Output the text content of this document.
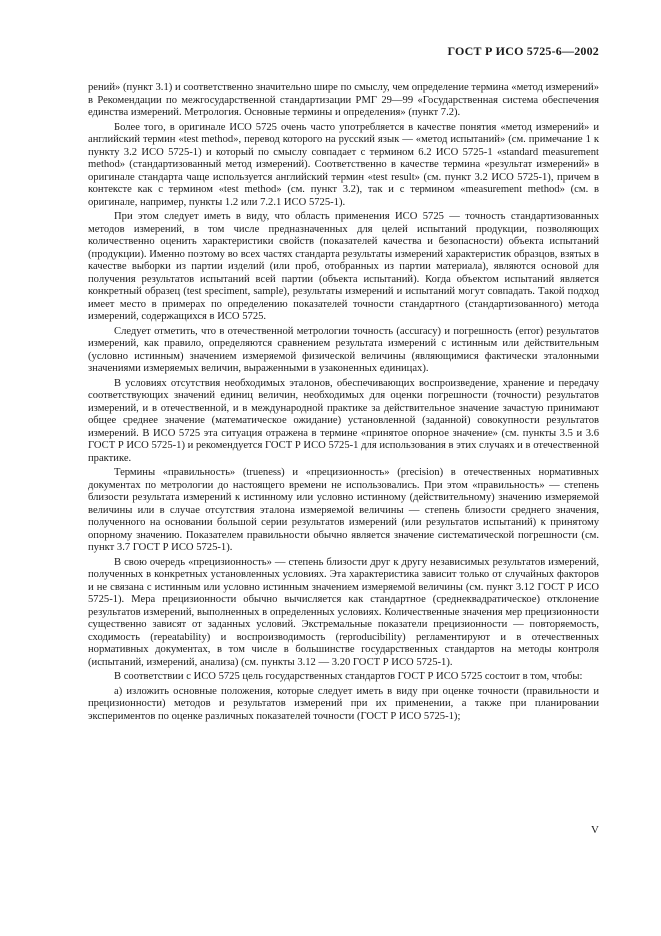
ГОСТ Р ИСО 5725-6—2002

рений» (пункт 3.1) и соответственно значительно шире по смыслу, чем определение термина «метод измерений» в Рекомендации по межгосударственной стандартизации РМГ 29—99 «Государственная система обеспечения единства измерений. Метрология. Основные термины и определения» (пункт 7.2).

Более того, в оригинале ИСО 5725 очень часто употребляется в качестве понятия «метод измерений» и английский термин «test method», перевод которого на русский язык — «метод испытаний» (см. примечание 1 к пункту 3.2 ИСО 5725-1) и который по смыслу совпадает с термином 6.2 ИСО 5725-1 «standard measurement method» (стандартизованный метод измерений). Соответственно в качестве термина «результат измерений» в оригинале стандарта чаще используется английский термин «test result» (см. пункт 3.2 ИСО 5725-1), причем в контексте как с термином «test method» (см. пункт 3.2), так и с термином «measurement method» (см. в оригинале, например, пункты 1.2 или 7.2.1 ИСО 5725-1).

При этом следует иметь в виду, что область применения ИСО 5725 — точность стандартизованных методов измерений, в том числе предназначенных для целей испытаний продукции, позволяющих количественно оценить характеристики свойств (показателей качества и безопасности) объекта испытаний (продукции). Именно поэтому во всех частях стандарта результаты измерений характеристик образцов, взятых в качестве выборки из партии изделий (или проб, отобранных из партии материала), являются основой для получения результатов испытаний всей партии (объекта испытаний). Когда объектом испытаний является конкретный образец (test speciment, sample), результаты измерений и испытаний могут совпадать. Такой подход имеет место в примерах по определению показателей точности стандартного (стандартизованного) метода измерений, содержащихся в ИСО 5725.

Следует отметить, что в отечественной метрологии точность (accuracy) и погрешность (error) результатов измерений, как правило, определяются сравнением результата измерений с истинным или действительным (условно истинным) значением измеряемой физической величины (являющимися фактически эталонными значениями измеряемых величин, выраженными в узаконенных единицах).

В условиях отсутствия необходимых эталонов, обеспечивающих воспроизведение, хранение и передачу соответствующих значений единиц величин, необходимых для оценки погрешности (точности) результатов измерений, и в отечественной, и в международной практике за действительное значение зачастую принимают общее среднее значение (математическое ожидание) установленной (заданной) совокупности результатов измерений. В ИСО 5725 эта ситуация отражена в термине «принятое опорное значение» (см. пункты 3.5 и 3.6 ГОСТ Р ИСО 5725-1) и рекомендуется ГОСТ Р ИСО 5725-1 для использования в этих случаях и в отечественной практике.

Термины «правильность» (trueness) и «прецизионность» (precision) в отечественных нормативных документах по метрологии до настоящего времени не использовались. При этом «правильность» — степень близости результата измерений к истинному или условно истинному (действительному) значению измеряемой величины или в случае отсутствия эталона измеряемой величины — степень близости среднего значения, полученного на основании большой серии результатов измерений (или результатов испытаний) к принятому опорному значению. Показателем правильности обычно является значение систематической погрешности (см. пункт 3.7 ГОСТ Р ИСО 5725-1).

В свою очередь «прецизионность» — степень близости друг к другу независимых результатов измерений, полученных в конкретных установленных условиях. Эта характеристика зависит только от случайных факторов и не связана с истинным или условно истинным значением измеряемой величины (см. пункт 3.12 ГОСТ Р ИСО 5725-1). Мера прецизионности обычно вычисляется как стандартное (среднеквадратическое) отклонение результатов измерений, выполненных в определенных условиях. Количественные значения мер прецизионности существенно зависят от заданных условий. Экстремальные показатели прецизионности — повторяемость, сходимость (repeatability) и воспроизводимость (reproducibility) регламентируют и в отечественных нормативных документах, в том числе в большинстве государственных стандартов на методы контроля (испытаний, измерений, анализа) (см. пункты 3.12 — 3.20 ГОСТ Р ИСО 5725-1).

В соответствии с ИСО 5725 цель государственных стандартов ГОСТ Р ИСО 5725 состоит в том, чтобы:

а) изложить основные положения, которые следует иметь в виду при оценке точности (правильности и прецизионности) методов и результатов измерений при их применении, а также при планировании экспериментов по оценке различных показателей точности (ГОСТ Р ИСО 5725-1);

V
